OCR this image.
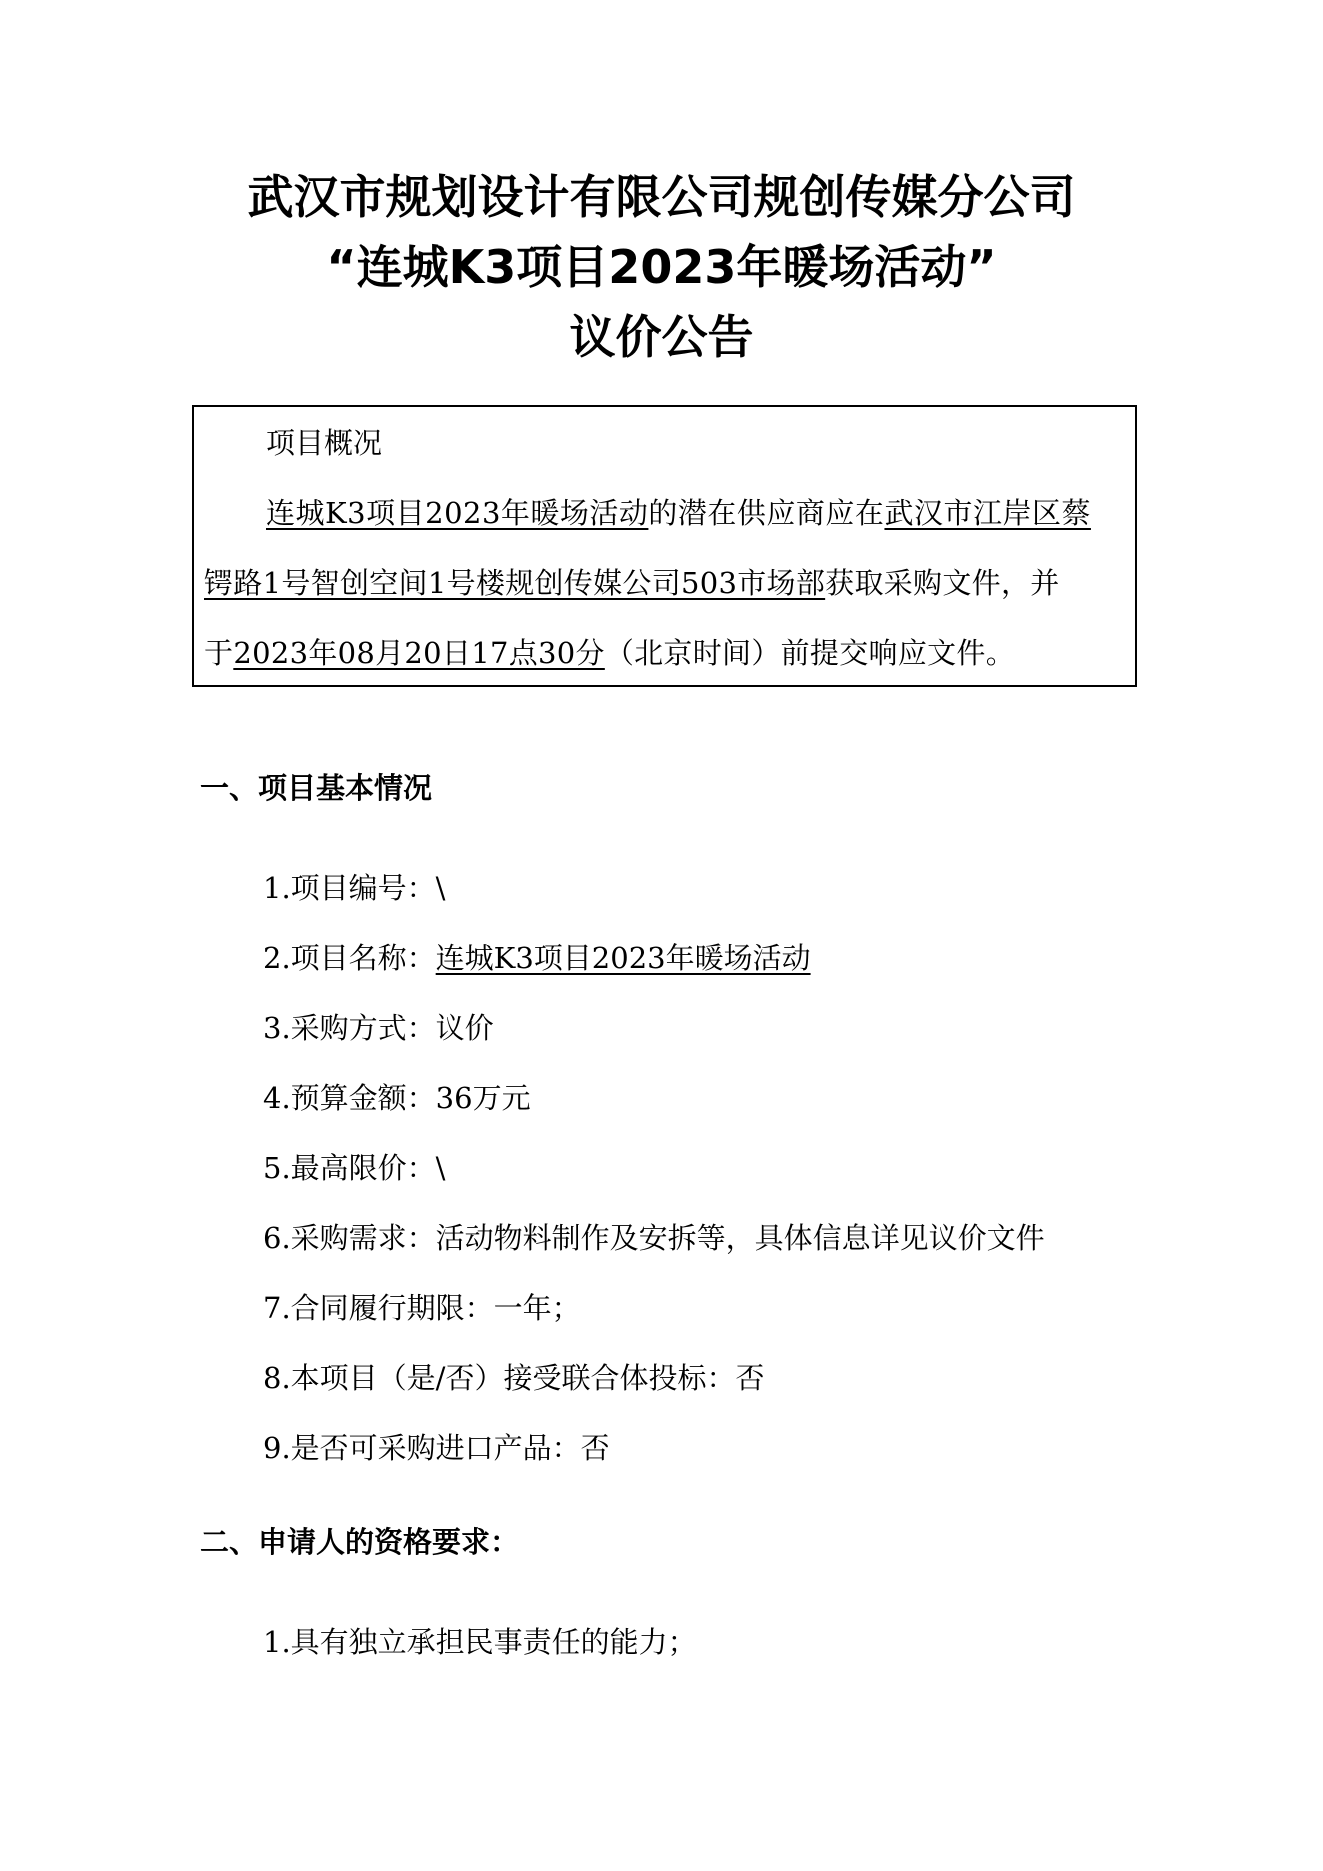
武汉市规划设计有限公司规创传媒分公司
“连城K3项目2023年暖场活动”
议价公告
项目概况
连城K3项目2023年暖场活动的潜在供应商应在武汉市江岸区蔡
锷路1号智创空间1号楼规创传媒公司503市场部获取采购文件，并
于2023年08月20日17点30分（北京时间）前提交响应文件。
一、项目基本情况
1.项目编号：\
2.项目名称：连城K3项目2023年暖场活动
3.采购方式：议价
4.预算金额：36万元
5.最高限价：\
6.采购需求：活动物料制作及安拆等，具体信息详见议价文件
7.合同履行期限：一年；
8.本项目（是/否）接受联合体投标：否
9.是否可采购进口产品：否
二、申请人的资格要求：
1.具有独立承担民事责任的能力；
